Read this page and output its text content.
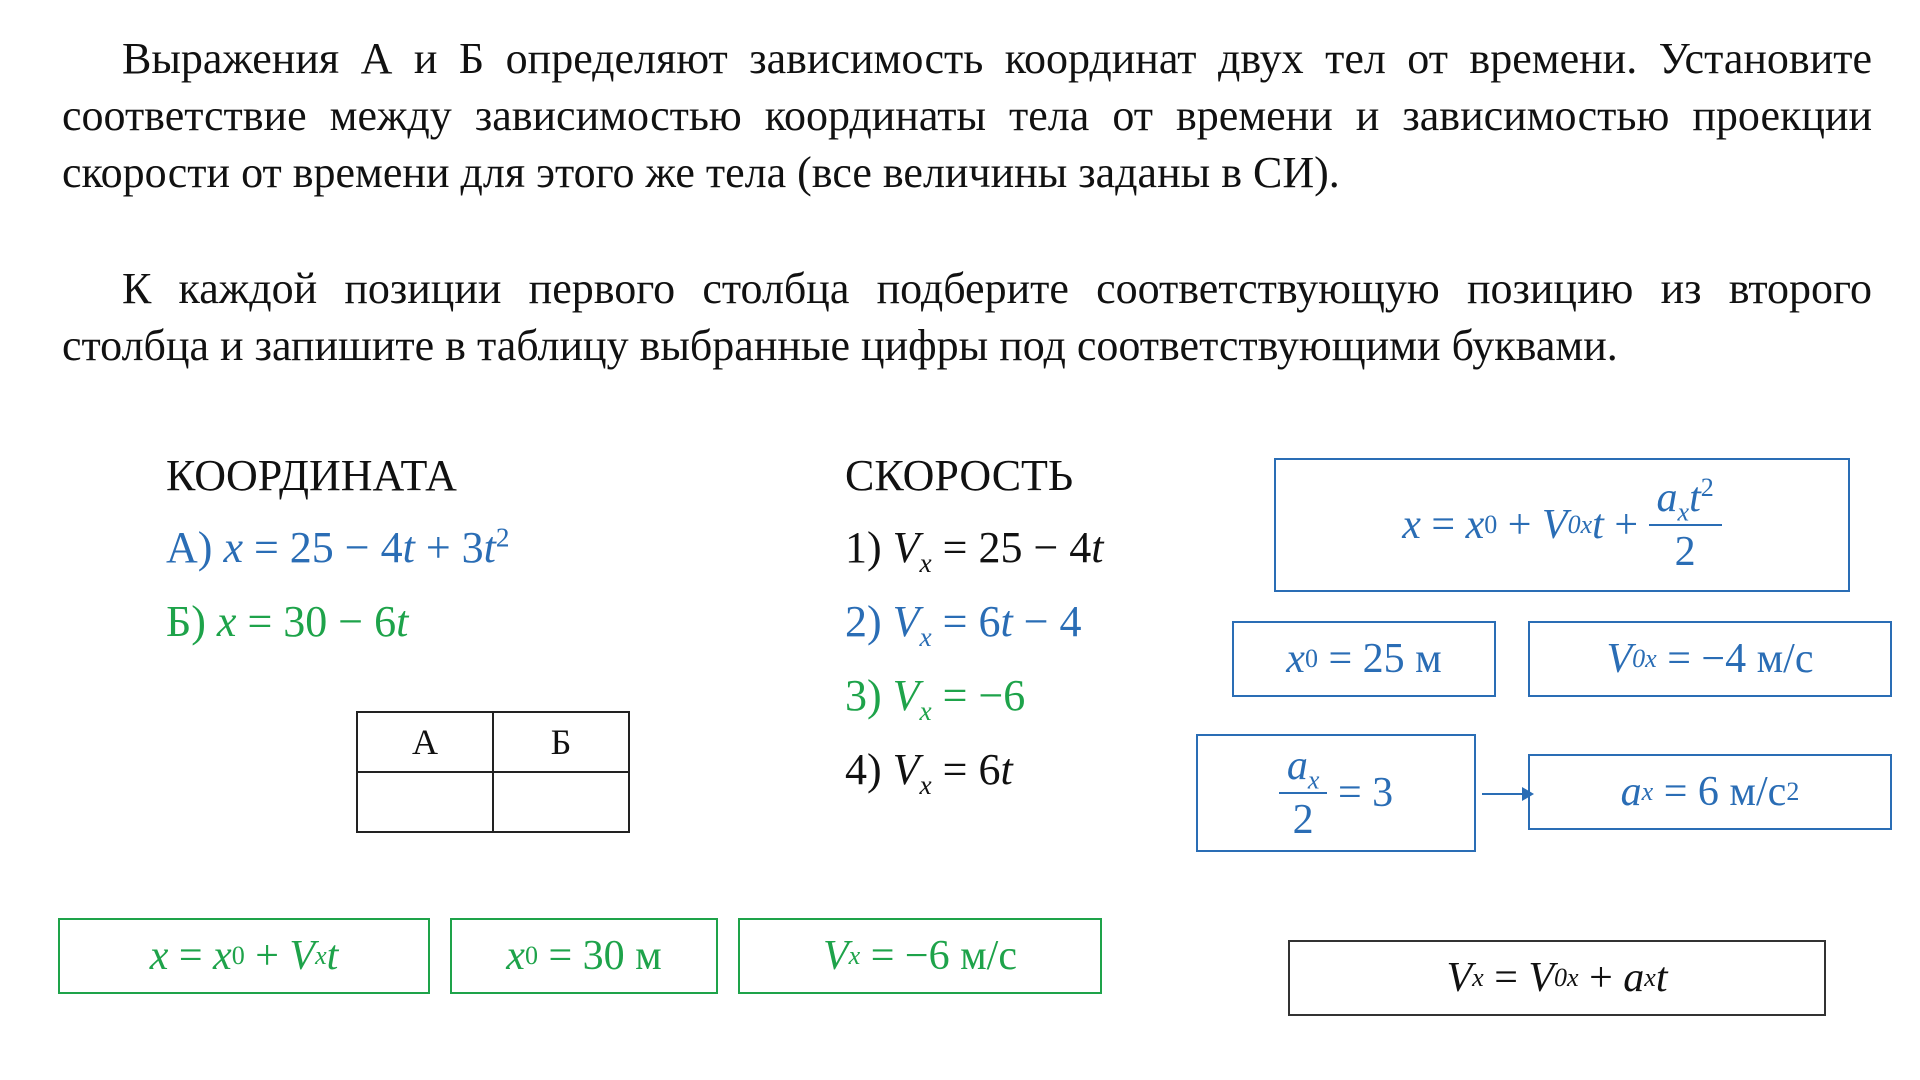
Выражения А и Б определяют зависимость координат двух тел от времени. Установите соответствие между зависимостью координаты тела от времени и зависимостью проекции скорости от времени для этого же тела (все величины заданы в СИ).
К каждой позиции первого столбца подберите соответствующую позицию из второго столбца и запишите в таблицу выбранные цифры под соответствующими буквами.
КООРДИНАТА
А) $x = 25 - 4t + 3t^2$
Б) x = 30 − 6t
СКОРОСТЬ
1) $V_x = 25 - 4t$
2) $V_x = 6t - 4$
3) $V_x = -6$
4) $V_x = 6t$
А	Б

x = x 0 + V 0x $t + \frac{a_xt^2}{2}$
x 0 = 25 м	V 0x = −4 м/с
$\frac{a_x}{2} = 3$	a x = 6 м/с 2
x = x 0 + V x t	x 0 = 30 м	V x = −6 м/с	V x = V 0x + a x t
